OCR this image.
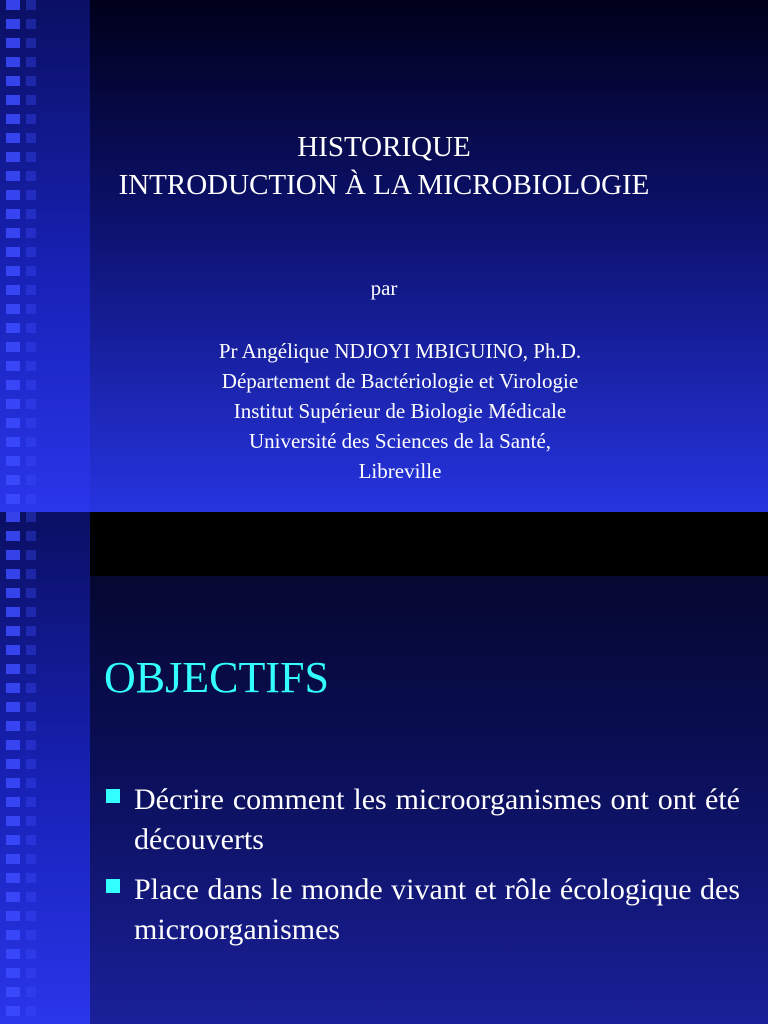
HISTORIQUE
INTRODUCTION À LA MICROBIOLOGIE
par
Pr Angélique NDJOYI MBIGUINO, Ph.D.
Département de Bactériologie et Virologie
Institut Supérieur de Biologie Médicale
Université des Sciences de la Santé,
Libreville
OBJECTIFS
Décrire comment les microorganismes ont ont été découverts
Place dans le monde vivant et rôle écologique des microorganismes
